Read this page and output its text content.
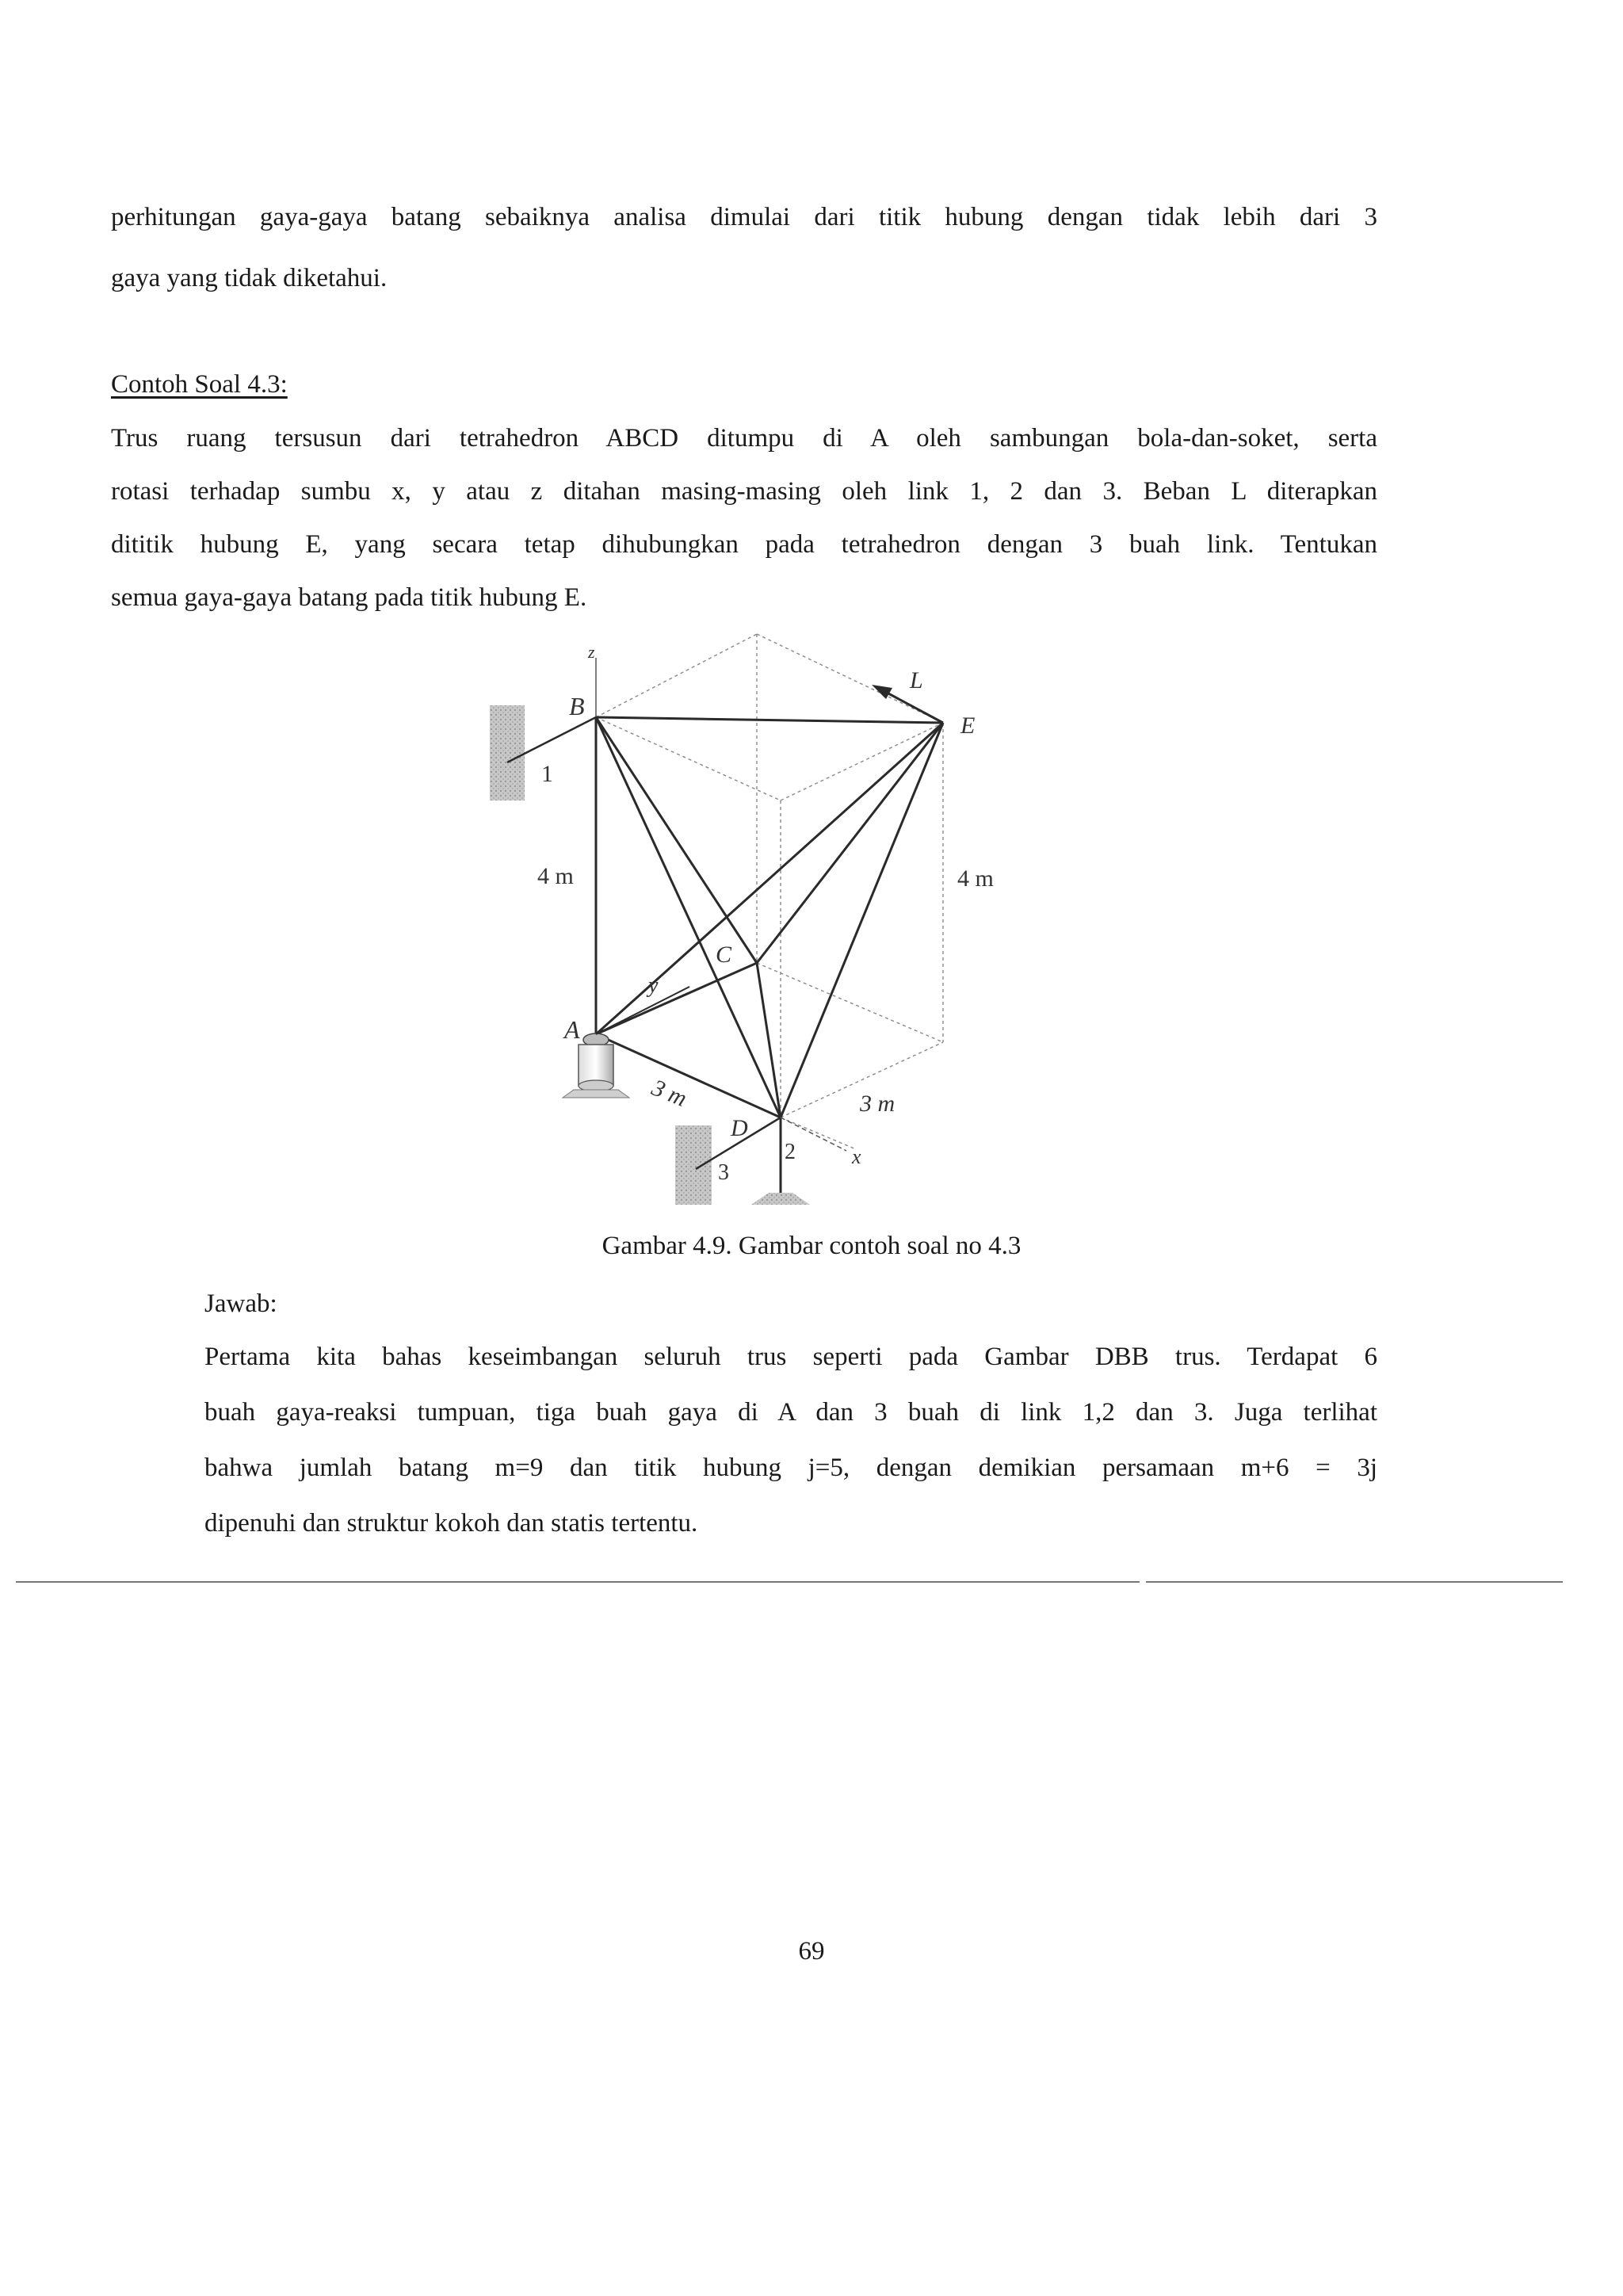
perhitungan gaya-gaya batang sebaiknya analisa dimulai dari titik hubung dengan tidak lebih dari 3
gaya yang tidak diketahui.
Contoh Soal 4.3:
Trus ruang tersusun dari tetrahedron ABCD ditumpu di A oleh sambungan bola-dan-soket, serta
rotasi terhadap sumbu x, y atau z ditahan masing-masing oleh link 1, 2 dan 3. Beban L diterapkan
dititik hubung E, yang secara tetap dihubungkan pada tetrahedron dengan 3 buah link. Tentukan
semua gaya-gaya batang pada titik hubung E.
z
B
L
E
1
4 m	4 m
C
y
A
3 m
D
3 m
2
3
x
Gambar 4.9. Gambar contoh soal no 4.3
Jawab:
Pertama kita bahas keseimbangan seluruh trus seperti pada Gambar DBB trus. Terdapat 6
buah gaya-reaksi tumpuan, tiga buah gaya di A dan 3 buah di link 1,2 dan 3. Juga terlihat
bahwa jumlah batang m=9 dan titik hubung j=5, dengan demikian persamaan m+6 = 3j
dipenuhi dan struktur kokoh dan statis tertentu.
69
